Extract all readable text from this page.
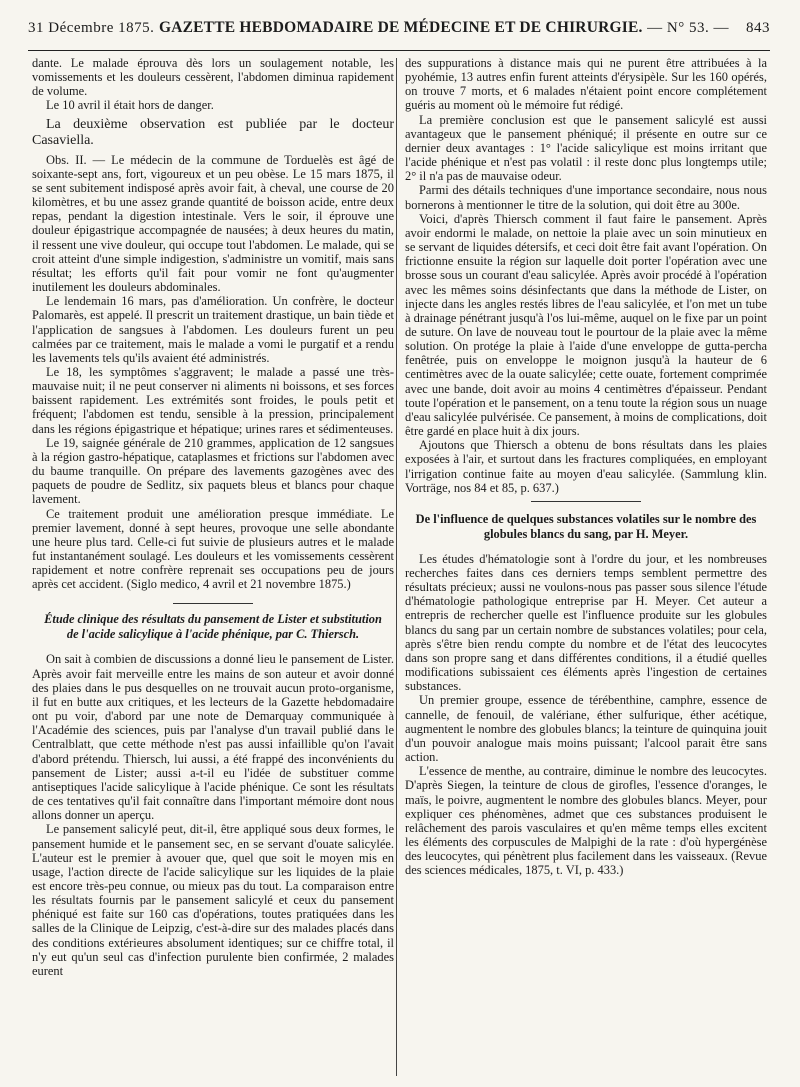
31 Décembre 1875. GAZETTE HEBDOMADAIRE DE MÉDECINE ET DE CHIRURGIE. — N° 53. — 843

dante. Le malade éprouva dès lors un soulagement notable, les vomissements et les douleurs cessèrent, l'abdomen diminua rapidement de volume.

Le 10 avril il était hors de danger.

La deuxième observation est publiée par le docteur Casaviella.

Obs. II. — Le médecin de la commune de Torduelès est âgé de soixante-sept ans, fort, vigoureux et un peu obèse. Le 15 mars 1875, il se sent subitement indisposé après avoir fait, à cheval, une course de 20 kilomètres, et bu une assez grande quantité de boisson acide, entre deux repas, pendant la digestion intestinale. Vers le soir, il éprouve une douleur épigastrique accompagnée de nausées; à deux heures du matin, il ressent une vive douleur, qui occupe tout l'abdomen. Le malade, qui se croit atteint d'une simple indigestion, s'administre un vomitif, mais sans résultat; les efforts qu'il fait pour vomir ne font qu'augmenter inutilement les douleurs abdominales.

Le lendemain 16 mars, pas d'amélioration. Un confrère, le docteur Palomarès, est appelé. Il prescrit un traitement drastique, un bain tiède et l'application de sangsues à l'abdomen. Les douleurs furent un peu calmées par ce traitement, mais le malade a vomi le purgatif et a rendu les lavements tels qu'ils avaient été administrés.

Le 18, les symptômes s'aggravent; le malade a passé une très-mauvaise nuit; il ne peut conserver ni aliments ni boissons, et ses forces baissent rapidement. Les extrémités sont froides, le pouls petit et fréquent; l'abdomen est tendu, sensible à la pression, principalement dans les régions épigastrique et hépatique; urines rares et sédimenteuses.

Le 19, saignée générale de 210 grammes, application de 12 sangsues à la région gastro-hépatique, cataplasmes et frictions sur l'abdomen avec du baume tranquille. On prépare des lavements gazogènes avec des paquets de poudre de Sedlitz, six paquets bleus et blancs pour chaque lavement.

Ce traitement produit une amélioration presque immédiate. Le premier lavement, donné à sept heures, provoque une selle abondante une heure plus tard. Celle-ci fut suivie de plusieurs autres et le malade fut instantanément soulagé. Les douleurs et les vomissements cessèrent rapidement et notre confrère reprenait ses occupations peu de jours après cet accident. (Siglo medico, 4 avril et 21 novembre 1875.)

Étude clinique des résultats du pansement de Lister et substitution de l'acide salicylique à l'acide phénique, par C. Thiersch.

On sait à combien de discussions a donné lieu le pansement de Lister. Après avoir fait merveille entre les mains de son auteur et avoir donné des plaies dans le pus desquelles on ne trouvait aucun proto-organisme, il fut en butte aux critiques, et les lecteurs de la Gazette hebdomadaire ont pu voir, d'abord par une note de Demarquay communiquée à l'Académie des sciences, puis par l'analyse d'un travail publié dans le Centralblatt, que cette méthode n'est pas aussi infaillible qu'on l'avait d'abord prétendu. Thiersch, lui aussi, a été frappé des inconvénients du pansement de Lister; aussi a-t-il eu l'idée de substituer comme antiseptiques l'acide salicylique à l'acide phénique. Ce sont les résultats de ces tentatives qu'il fait connaître dans l'important mémoire dont nous allons donner un aperçu.

Le pansement salicylé peut, dit-il, être appliqué sous deux formes, le pansement humide et le pansement sec, en se servant d'ouate salicylée. L'auteur est le premier à avouer que, quel que soit le moyen mis en usage, l'action directe de l'acide salicylique sur les liquides de la plaie est encore très-peu connue, ou mieux pas du tout. La comparaison entre les résultats fournis par le pansement salicylé et ceux du pansement phéniqué est faite sur 160 cas d'opérations, toutes pratiquées dans les salles de la Clinique de Leipzig, c'est-à-dire sur des malades placés dans des conditions extérieures absolument identiques; sur ce chiffre total, il n'y eut qu'un seul cas d'infection purulente bien confirmée, 2 malades eurent

des suppurations à distance mais qui ne purent être attribuées à la pyohémie, 13 autres enfin furent atteints d'érysipèle. Sur les 160 opérés, on trouve 7 morts, et 6 malades n'étaient point encore complétement guéris au moment où le mémoire fut rédigé.

La première conclusion est que le pansement salicylé est aussi avantageux que le pansement phéniqué; il présente en outre sur ce dernier deux avantages : 1° l'acide salicylique est moins irritant que l'acide phénique et n'est pas volatil : il reste donc plus longtemps utile; 2° il n'a pas de mauvaise odeur.

Parmi des détails techniques d'une importance secondaire, nous nous bornerons à mentionner le titre de la solution, qui doit être au 300e.

Voici, d'après Thiersch comment il faut faire le pansement. Après avoir endormi le malade, on nettoie la plaie avec un soin minutieux en se servant de liquides détersifs, et ceci doit être fait avant l'opération. On frictionne ensuite la région sur laquelle doit porter l'opération avec une brosse sous un courant d'eau salicylée. Après avoir procédé à l'opération avec les mêmes soins désinfectants que dans la méthode de Lister, on injecte dans les angles restés libres de l'eau salicylée, et l'on met un tube à drainage pénétrant jusqu'à l'os lui-même, auquel on le fixe par un point de suture. On lave de nouveau tout le pourtour de la plaie avec la même solution. On protége la plaie à l'aide d'une enveloppe de gutta-percha fenêtrée, puis on enveloppe le moignon jusqu'à la hauteur de 6 centimètres avec de la ouate salicylée; cette ouate, fortement comprimée avec une bande, doit avoir au moins 4 centimètres d'épaisseur. Pendant toute l'opération et le pansement, on a tenu toute la région sous un nuage d'eau salicylée pulvérisée. Ce pansement, à moins de complications, doit être gardé en place huit à dix jours.

Ajoutons que Thiersch a obtenu de bons résultats dans les plaies exposées à l'air, et surtout dans les fractures compliquées, en employant l'irrigation continue faite au moyen d'eau salicylée. (Sammlung klin. Vorträge, nos 84 et 85, p. 637.)

De l'influence de quelques substances volatiles sur le nombre des globules blancs du sang, par H. Meyer.

Les études d'hématologie sont à l'ordre du jour, et les nombreuses recherches faites dans ces derniers temps semblent permettre des résultats précieux; aussi ne voulons-nous pas passer sous silence l'étude d'hématologie pathologique entreprise par H. Meyer. Cet auteur a entrepris de rechercher quelle est l'influence produite sur les globules blancs du sang par un certain nombre de substances volatiles; pour cela, après s'être bien rendu compte du nombre et de l'état des leucocytes dans son propre sang et dans différentes conditions, il a étudié quelles modifications subissaient ces éléments après l'ingestion de certaines substances.

Un premier groupe, essence de térébenthine, camphre, essence de cannelle, de fenouil, de valériane, éther sulfurique, éther acétique, augmentent le nombre des globules blancs; la teinture de quinquina jouit d'un pouvoir analogue mais moins puissant; l'alcool parait être sans action.

L'essence de menthe, au contraire, diminue le nombre des leucocytes. D'après Siegen, la teinture de clous de girofles, l'essence d'oranges, le maïs, le poivre, augmentent le nombre des globules blancs. Meyer, pour expliquer ces phénomènes, admet que ces substances produisent le relâchement des parois vasculaires et qu'en même temps elles excitent les éléments des corpuscules de Malpighi de la rate : d'où hypergénèse des leucocytes, qui pénètrent plus facilement dans les vaisseaux. (Revue des sciences médicales, 1875, t. VI, p. 433.)
